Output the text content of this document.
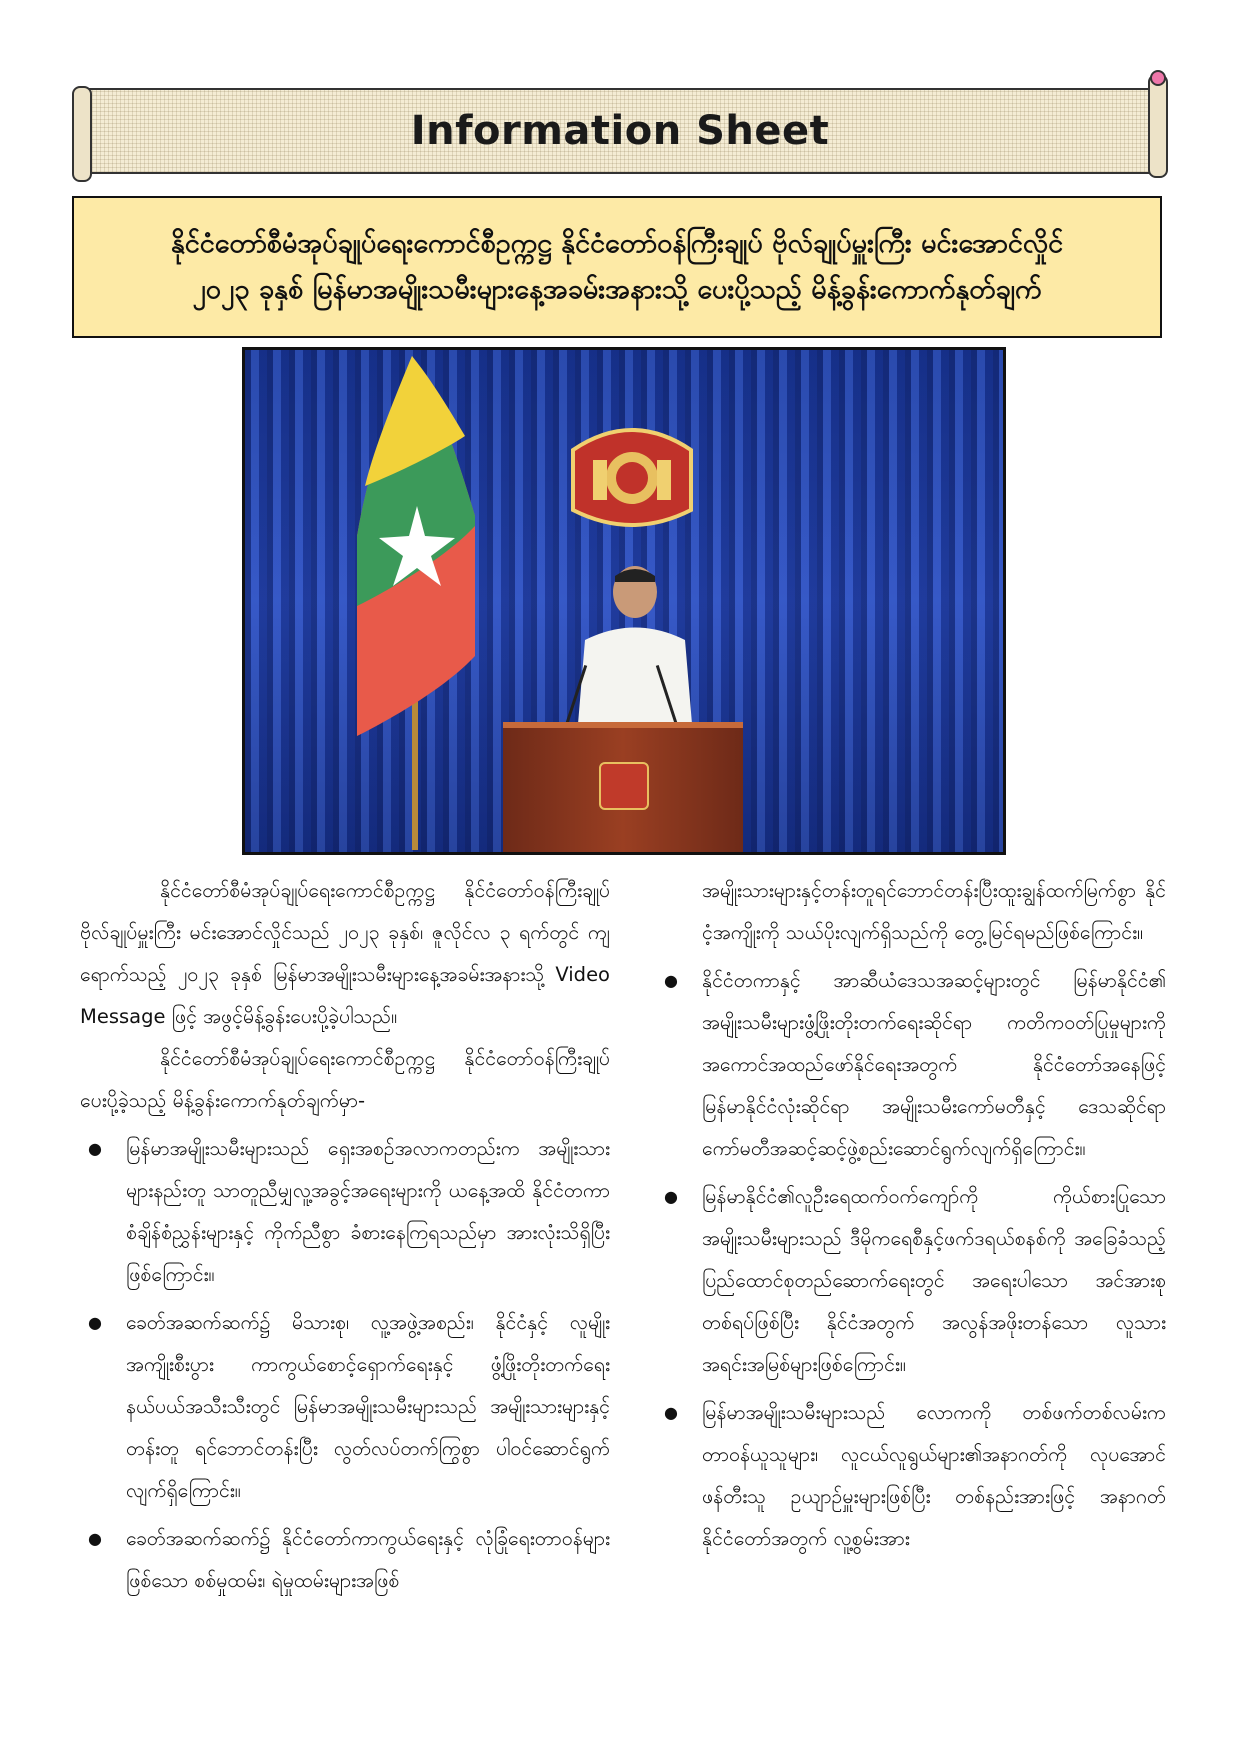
Information Sheet
နိုင်ငံတော်စီမံအုပ်ချုပ်ရေးကောင်စီဥက္ကဋ္ဌ နိုင်ငံတော်ဝန်ကြီးချုပ် ဗိုလ်ချုပ်မှူးကြီး မင်းအောင်လှိုင်
၂၀၂၃ ခုနှစ် မြန်မာအမျိုးသမီးများနေ့အခမ်းအနားသို့ ပေးပို့သည့် မိန့်ခွန်းကောက်နုတ်ချက်

နိုင်ငံတော်စီမံအုပ်ချုပ်ရေးကောင်စီဥက္ကဋ္ဌ နိုင်ငံတော်ဝန်ကြီးချုပ် ဗိုလ်ချုပ်မှူးကြီး မင်းအောင်လှိုင်သည် ၂၀၂၃ ခုနှစ်၊ ဇူလိုင်လ ၃ ရက်တွင် ကျရောက်သည့် ၂၀၂၃ ခုနှစ် မြန်မာအမျိုးသမီးများနေ့အခမ်းအနားသို့ Video Message ဖြင့် အဖွင့်မိန့်ခွန်းပေးပို့ခဲ့ပါသည်။

နိုင်ငံတော်စီမံအုပ်ချုပ်ရေးကောင်စီဥက္ကဋ္ဌ နိုင်ငံတော်ဝန်ကြီးချုပ် ပေးပို့ခဲ့သည့် မိန့်ခွန်းကောက်နုတ်ချက်မှာ-

● မြန်မာအမျိုးသမီးများသည် ရှေးအစဉ်အလာကတည်းက အမျိုးသားများနည်းတူ သာတူညီမျှလူ့အခွင့်အရေးများကို ယနေ့အထိ နိုင်ငံတကာစံချိန်စံညွှန်းများနှင့် ကိုက်ညီစွာ ခံစားနေကြရသည်မှာ အားလုံးသိရှိပြီးဖြစ်ကြောင်း။
● ခေတ်အဆက်ဆက်၌ မိသားစု၊ လူ့အဖွဲ့အစည်း၊ နိုင်ငံနှင့် လူမျိုး အကျိုးစီးပွား ကာကွယ်စောင့်ရှောက်ရေးနှင့် ဖွံ့ဖြိုးတိုးတက်ရေး နယ်ပယ်အသီးသီးတွင် မြန်မာအမျိုးသမီးများသည် အမျိုးသားများနှင့်တန်းတူ ရင်ဘောင်တန်းပြီး လွတ်လပ်တက်ကြွစွာ ပါဝင်ဆောင်ရွက်လျက်ရှိကြောင်း။
● ခေတ်အဆက်ဆက်၌ နိုင်ငံတော်ကာကွယ်ရေးနှင့် လုံခြုံရေးတာဝန်များဖြစ်သော စစ်မှုထမ်း၊ ရဲမှုထမ်းများအဖြစ်

အမျိုးသားများနှင့်တန်းတူရင်ဘောင်တန်းပြီးထူးချွန်ထက်မြက်စွာ နိုင်ငံ့အကျိုးကို သယ်ပိုးလျက်ရှိသည်ကို တွေ့မြင်ရမည်ဖြစ်ကြောင်း။

● နိုင်ငံတကာနှင့် အာဆီယံဒေသအဆင့်များတွင် မြန်မာနိုင်ငံ၏ အမျိုးသမီးများဖွံ့ဖြိုးတိုးတက်ရေးဆိုင်ရာ ကတိကဝတ်ပြုမှုများကို အကောင်အထည်ဖော်နိုင်ရေးအတွက် နိုင်ငံတော်အနေဖြင့် မြန်မာနိုင်ငံလုံးဆိုင်ရာ အမျိုးသမီးကော်မတီနှင့် ဒေသဆိုင်ရာ ကော်မတီအဆင့်ဆင့်ဖွဲ့စည်းဆောင်ရွက်လျက်ရှိကြောင်း။
● မြန်မာနိုင်ငံ၏လူဦးရေထက်ဝက်ကျော်ကို ကိုယ်စားပြုသော အမျိုးသမီးများသည် ဒီမိုကရေစီနှင့်ဖက်ဒရယ်စနစ်ကို အခြေခံသည့် ပြည်ထောင်စုတည်ဆောက်ရေးတွင် အရေးပါသော အင်အားစုတစ်ရပ်ဖြစ်ပြီး နိုင်ငံအတွက် အလွန်အဖိုးတန်သော လူသားအရင်းအမြစ်များဖြစ်ကြောင်း။
● မြန်မာအမျိုးသမီးများသည် လောကကို တစ်ဖက်တစ်လမ်းက တာဝန်ယူသူများ၊ လူငယ်လူရွယ်များ၏အနာဂတ်ကို လုပအောင်ဖန်တီးသူ ဥယျာဉ်မှူးများဖြစ်ပြီး တစ်နည်းအားဖြင့် အနာဂတ်နိုင်ငံတော်အတွက် လူ့စွမ်းအား
